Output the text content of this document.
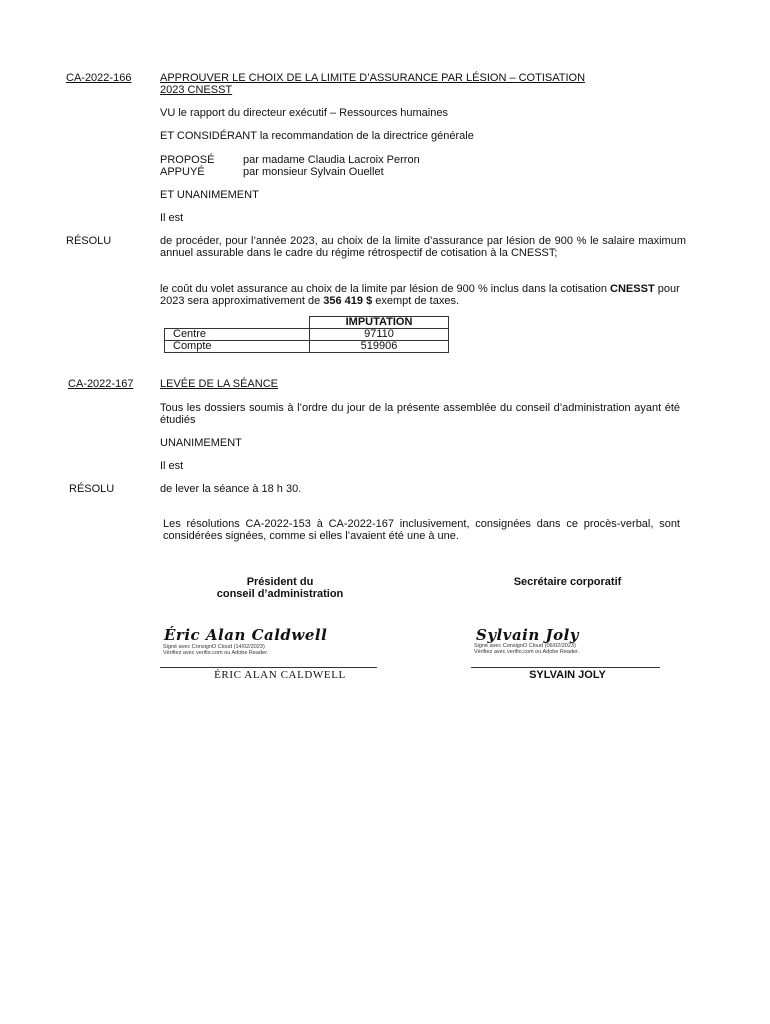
CA-2022-166	APPROUVER LE CHOIX DE LA LIMITE D’ASSURANCE PAR LÉSION – COTISATION
2023 CNESST
VU le rapport du directeur exécutif – Ressources humaines
ET CONSIDÉRANT la recommandation de la directrice générale
PROPOSÉ	par madame Claudia Lacroix Perron
APPUYÉ	par monsieur Sylvain Ouellet
ET UNANIMEMENT
Il est
RÉSOLU	de procéder, pour l’année 2023, au choix de la limite d’assurance par lésion de 900 % le salaire maximum annuel assurable dans le cadre du régime rétrospectif de cotisation à la CNESST;
le coût du volet assurance au choix de la limite par lésion de 900 % inclus dans la cotisation CNESST pour 2023 sera approximativement de 356 419 $ exempt de taxes.
	IMPUTATION
Centre	97110
Compte	519906
CA-2022-167 LEVÉE DE LA SÉANCE
Tous les dossiers soumis à l’ordre du jour de la présente assemblée du conseil d’administration ayant été étudiés
UNANIMEMENT
Il est
RÉSOLU	de lever la séance à 18 h 30.
Les résolutions CA-2022-153 à CA-2022-167 inclusivement, consignées dans ce procès-verbal, sont considérées signées, comme si elles l’avaient été une à une.
Président du
conseil d’administration
Secrétaire corporatif
Éric Alan Caldwell
Signé avec ConsignO Cloud (14/02/2023)
Vérifiez avec verifio.com ou Adobe Reader.
Sylvain Joly
Signé avec ConsignO Cloud (06/02/2023)
Vérifiez avec verifio.com ou Adobe Reader.
ÉRIC ALAN CALDWELL	SYLVAIN JOLY
